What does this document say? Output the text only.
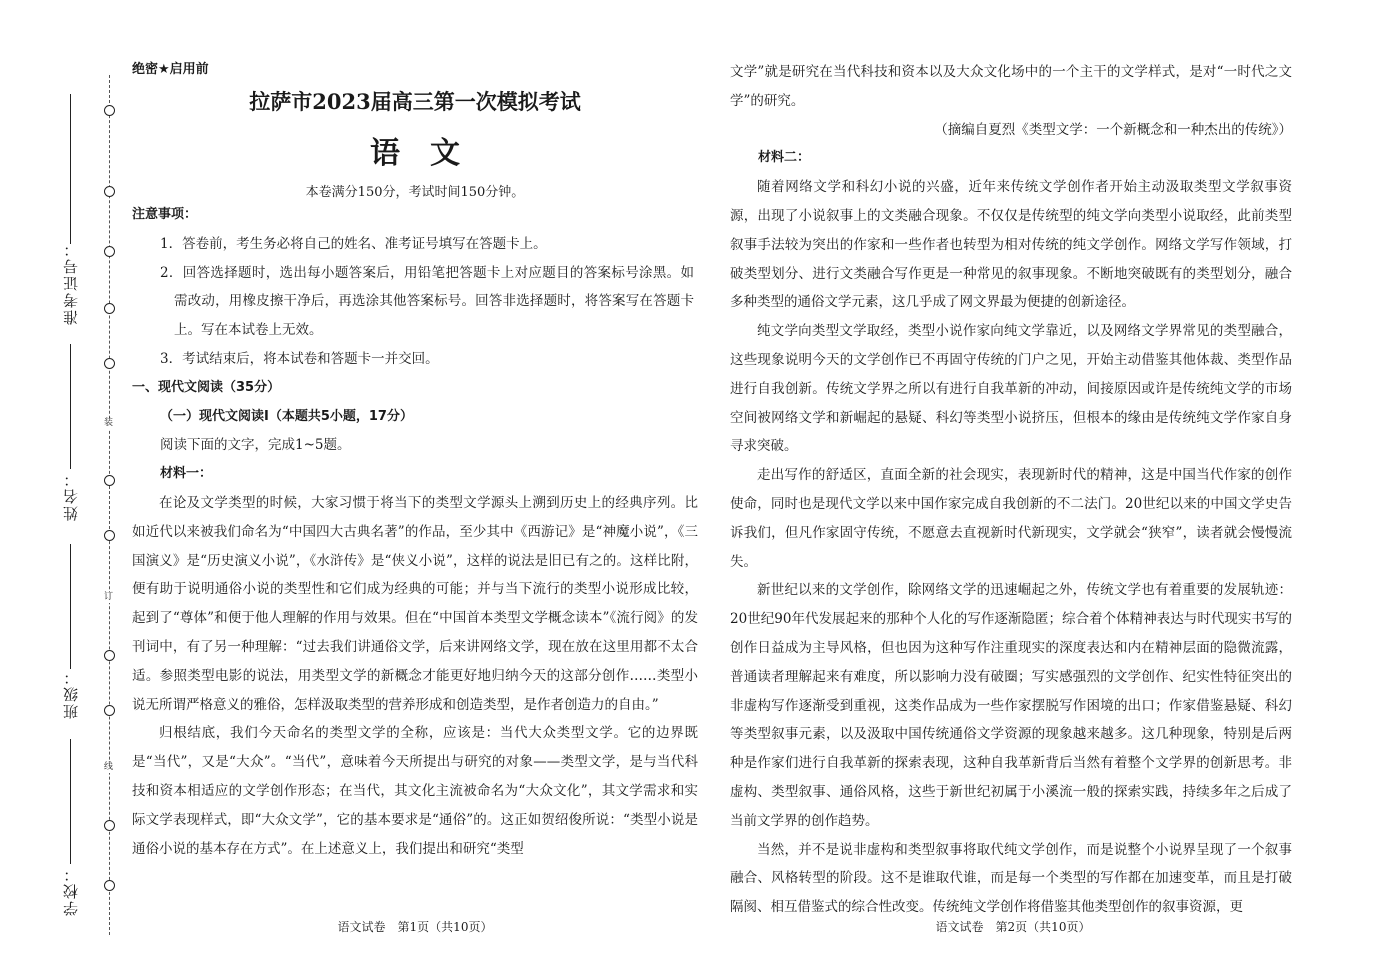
装
订
线
准考证号：
姓名：
班级：
学校：
绝密★启用前
拉萨市2023届高三第一次模拟考试
语文
本卷满分150分，考试时间150分钟。
注意事项：
1．答卷前，考生务必将自己的姓名、准考证号填写在答题卡上。
2．回答选择题时，选出每小题答案后，用铅笔把答题卡上对应题目的答案标号涂黑。如需改动，用橡皮擦干净后，再选涂其他答案标号。回答非选择题时，将答案写在答题卡上。写在本试卷上无效。
3．考试结束后，将本试卷和答题卡一并交回。
一、现代文阅读（35分）
（一）现代文阅读Ⅰ（本题共5小题，17分）
阅读下面的文字，完成1~5题。
材料一：

在论及文学类型的时候，大家习惯于将当下的类型文学源头上溯到历史上的经典序列。比如近代以来被我们命名为“中国四大古典名著”的作品，至少其中《西游记》是“神魔小说”，《三国演义》是“历史演义小说”，《水浒传》是“侠义小说”，这样的说法是旧已有之的。这样比附，便有助于说明通俗小说的类型性和它们成为经典的可能；并与当下流行的类型小说形成比较，起到了“尊体”和便于他人理解的作用与效果。但在“中国首本类型文学概念读本”《流行阅》的发刊词中，有了另一种理解：“过去我们讲通俗文学，后来讲网络文学，现在放在这里用都不太合适。参照类型电影的说法，用类型文学的新概念才能更好地归纳今天的这部分创作……类型小说无所谓严格意义的雅俗，怎样汲取类型的营养形成和创造类型，是作者创造力的自由。”

归根结底，我们今天命名的类型文学的全称，应该是：当代大众类型文学。它的边界既是“当代”，又是“大众”。“当代”，意味着今天所提出与研究的对象——类型文学，是与当代科技和资本相适应的文学创作形态；在当代，其文化主流被命名为“大众文化”，其文学需求和实际文学表现样式，即“大众文学”，它的基本要求是“通俗”的。这正如贺绍俊所说：“类型小说是通俗小说的基本存在方式”。在上述意义上，我们提出和研究“类型

语文试卷　第1页（共10页）

文学”就是研究在当代科技和资本以及大众文化场中的一个主干的文学样式，是对“一时代之文学”的研究。

（摘编自夏烈《类型文学：一个新概念和一种杰出的传统》）
材料二：

随着网络文学和科幻小说的兴盛，近年来传统文学创作者开始主动汲取类型文学叙事资源，出现了小说叙事上的文类融合现象。不仅仅是传统型的纯文学向类型小说取经，此前类型叙事手法较为突出的作家和一些作者也转型为相对传统的纯文学创作。网络文学写作领域，打破类型划分、进行文类融合写作更是一种常见的叙事现象。不断地突破既有的类型划分，融合多种类型的通俗文学元素，这几乎成了网文界最为便捷的创新途径。

纯文学向类型文学取经，类型小说作家向纯文学靠近，以及网络文学界常见的类型融合，这些现象说明今天的文学创作已不再固守传统的门户之见，开始主动借鉴其他体裁、类型作品进行自我创新。传统文学界之所以有进行自我革新的冲动，间接原因或许是传统纯文学的市场空间被网络文学和新崛起的悬疑、科幻等类型小说挤压，但根本的缘由是传统纯文学作家自身寻求突破。

走出写作的舒适区，直面全新的社会现实，表现新时代的精神，这是中国当代作家的创作使命，同时也是现代文学以来中国作家完成自我创新的不二法门。20世纪以来的中国文学史告诉我们，但凡作家固守传统，不愿意去直视新时代新现实，文学就会“狭窄”，读者就会慢慢流失。

新世纪以来的文学创作，除网络文学的迅速崛起之外，传统文学也有着重要的发展轨迹：20世纪90年代发展起来的那种个人化的写作逐渐隐匿；综合着个体精神表达与时代现实书写的创作日益成为主导风格，但也因为这种写作注重现实的深度表达和内在精神层面的隐微流露，普通读者理解起来有难度，所以影响力没有破圈；写实感强烈的文学创作、纪实性特征突出的非虚构写作逐渐受到重视，这类作品成为一些作家摆脱写作困境的出口；作家借鉴悬疑、科幻等类型叙事元素，以及汲取中国传统通俗文学资源的现象越来越多。这几种现象，特别是后两种是作家们进行自我革新的探索表现，这种自我革新背后当然有着整个文学界的创新思考。非虚构、类型叙事、通俗风格，这些于新世纪初属于小溪流一般的探索实践，持续多年之后成了当前文学界的创作趋势。

当然，并不是说非虚构和类型叙事将取代纯文学创作，而是说整个小说界呈现了一个叙事融合、风格转型的阶段。这不是谁取代谁，而是每一个类型的写作都在加速变革，而且是打破隔阂、相互借鉴式的综合性改变。传统纯文学创作将借鉴其他类型创作的叙事资源，更

语文试卷　第2页（共10页）
